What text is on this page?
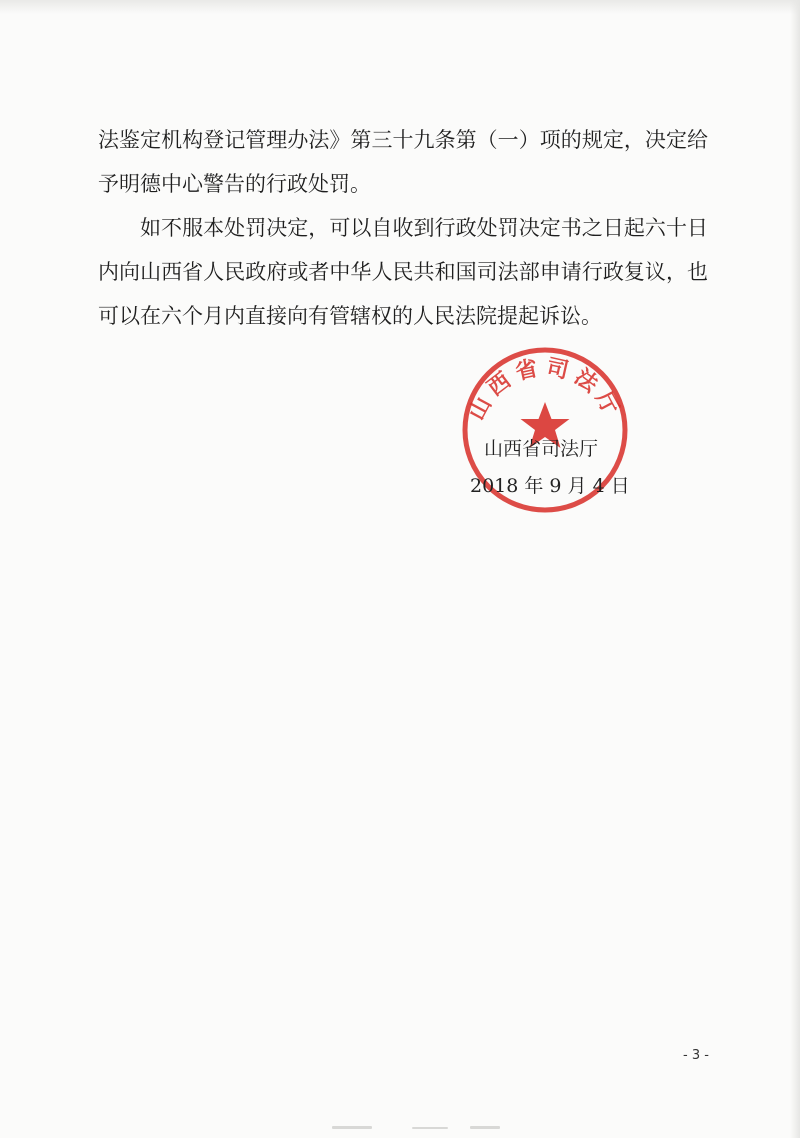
法鉴定机构登记管理办法》第三十九条第（一）项的规定，决定给予明德中心警告的行政处罚。

如不服本处罚决定，可以自收到行政处罚决定书之日起六十日内向山西省人民政府或者中华人民共和国司法部申请行政复议，也可以在六个月内直接向有管辖权的人民法院提起诉讼。

山西省司法厅
山西省司法厅
2018 年 9 月 4 日
- 3 -
